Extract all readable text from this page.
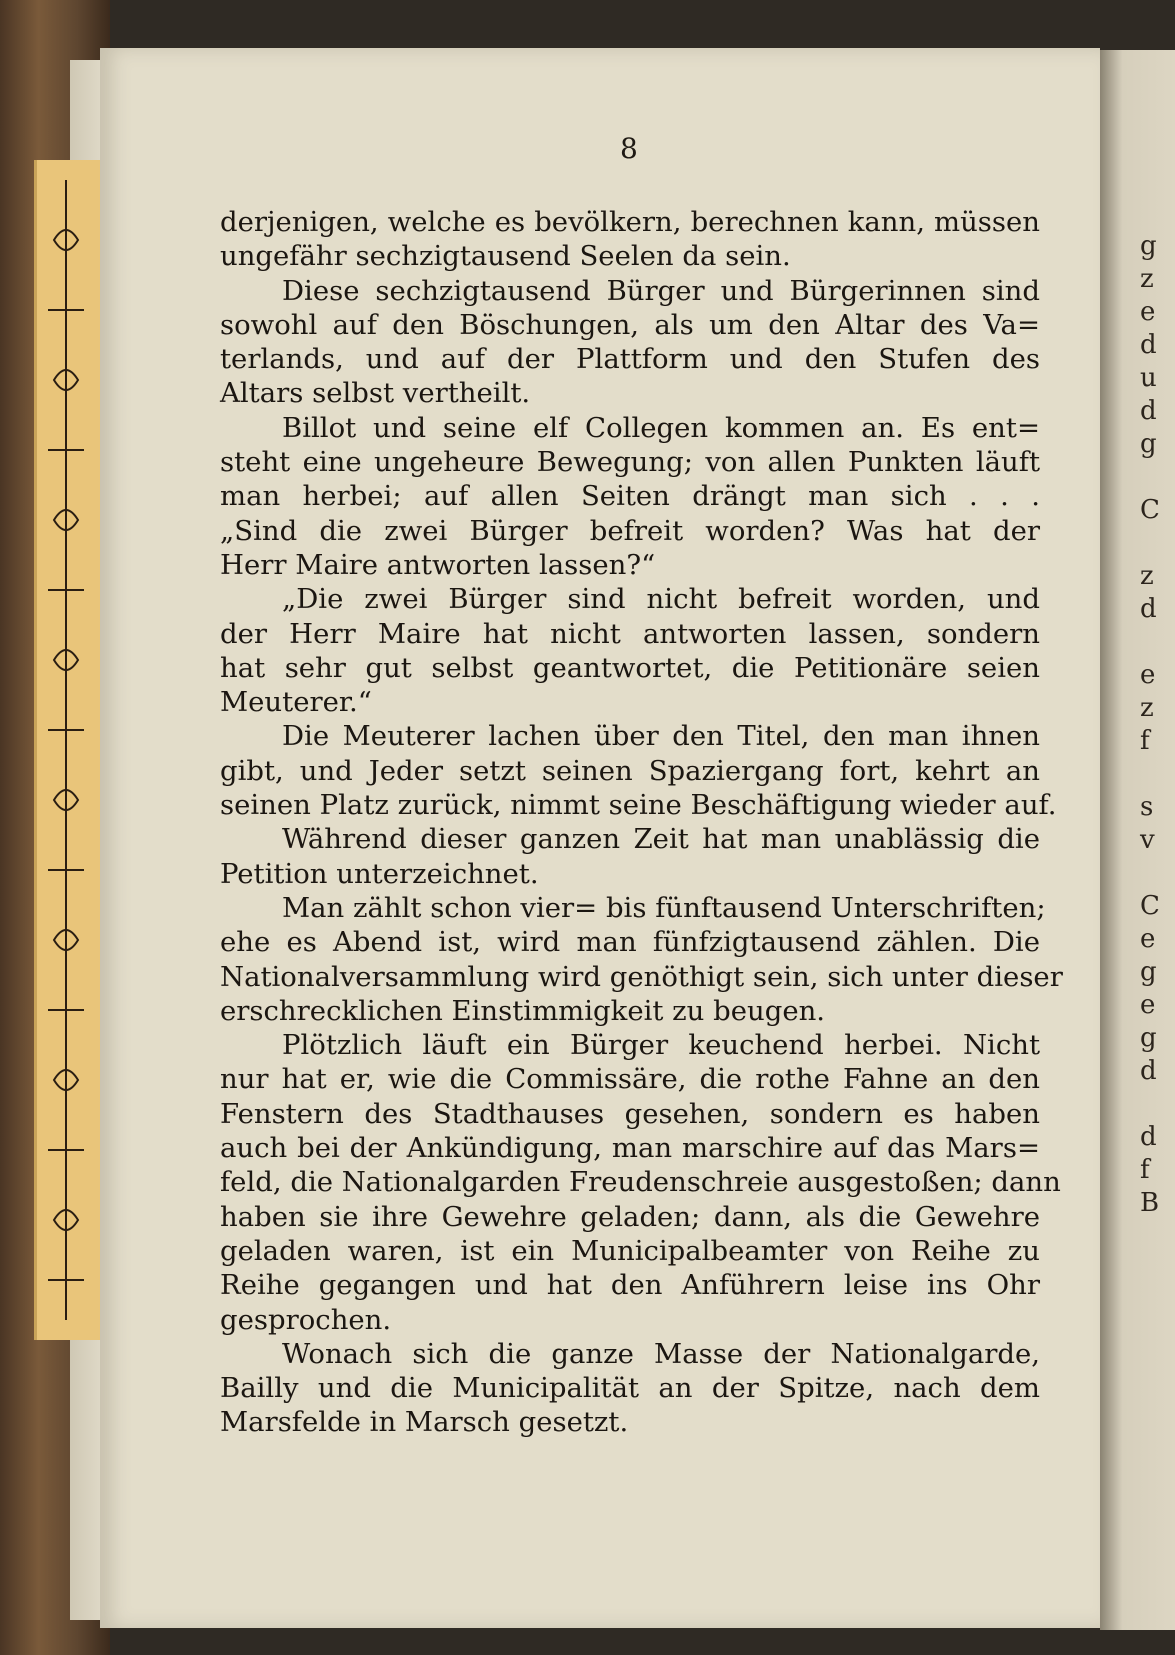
g
z
e
d
u
d
g

C

z
d

e
z
f

s
v

C
e
g
e
g
d

d
f
B
8
derjenigen, welche es bevölkern, berechnen kann, müssen
ungefähr sechzigtausend Seelen da sein.
Diese sechzigtausend Bürger und Bürgerinnen sind
sowohl auf den Böschungen, als um den Altar des Va=
terlands, und auf der Plattform und den Stufen des
Altars selbst vertheilt.
Billot und seine elf Collegen kommen an. Es ent=
steht eine ungeheure Bewegung; von allen Punkten läuft
man herbei; auf allen Seiten drängt man sich . . .
„Sind die zwei Bürger befreit worden? Was hat der
Herr Maire antworten lassen?“
„Die zwei Bürger sind nicht befreit worden, und
der Herr Maire hat nicht antworten lassen, sondern
hat sehr gut selbst geantwortet, die Petitionäre seien
Meuterer.“
Die Meuterer lachen über den Titel, den man ihnen
gibt, und Jeder setzt seinen Spaziergang fort, kehrt an
seinen Platz zurück, nimmt seine Beschäftigung wieder auf.
Während dieser ganzen Zeit hat man unablässig die
Petition unterzeichnet.
Man zählt schon vier= bis fünftausend Unterschriften;
ehe es Abend ist, wird man fünfzigtausend zählen. Die
Nationalversammlung wird genöthigt sein, sich unter dieser
erschrecklichen Einstimmigkeit zu beugen.
Plötzlich läuft ein Bürger keuchend herbei. Nicht
nur hat er, wie die Commissäre, die rothe Fahne an den
Fenstern des Stadthauses gesehen, sondern es haben
auch bei der Ankündigung, man marschire auf das Mars=
feld, die Nationalgarden Freudenschreie ausgestoßen; dann
haben sie ihre Gewehre geladen; dann, als die Gewehre
geladen waren, ist ein Municipalbeamter von Reihe zu
Reihe gegangen und hat den Anführern leise ins Ohr
gesprochen.
Wonach sich die ganze Masse der Nationalgarde,
Bailly und die Municipalität an der Spitze, nach dem
Marsfelde in Marsch gesetzt.
